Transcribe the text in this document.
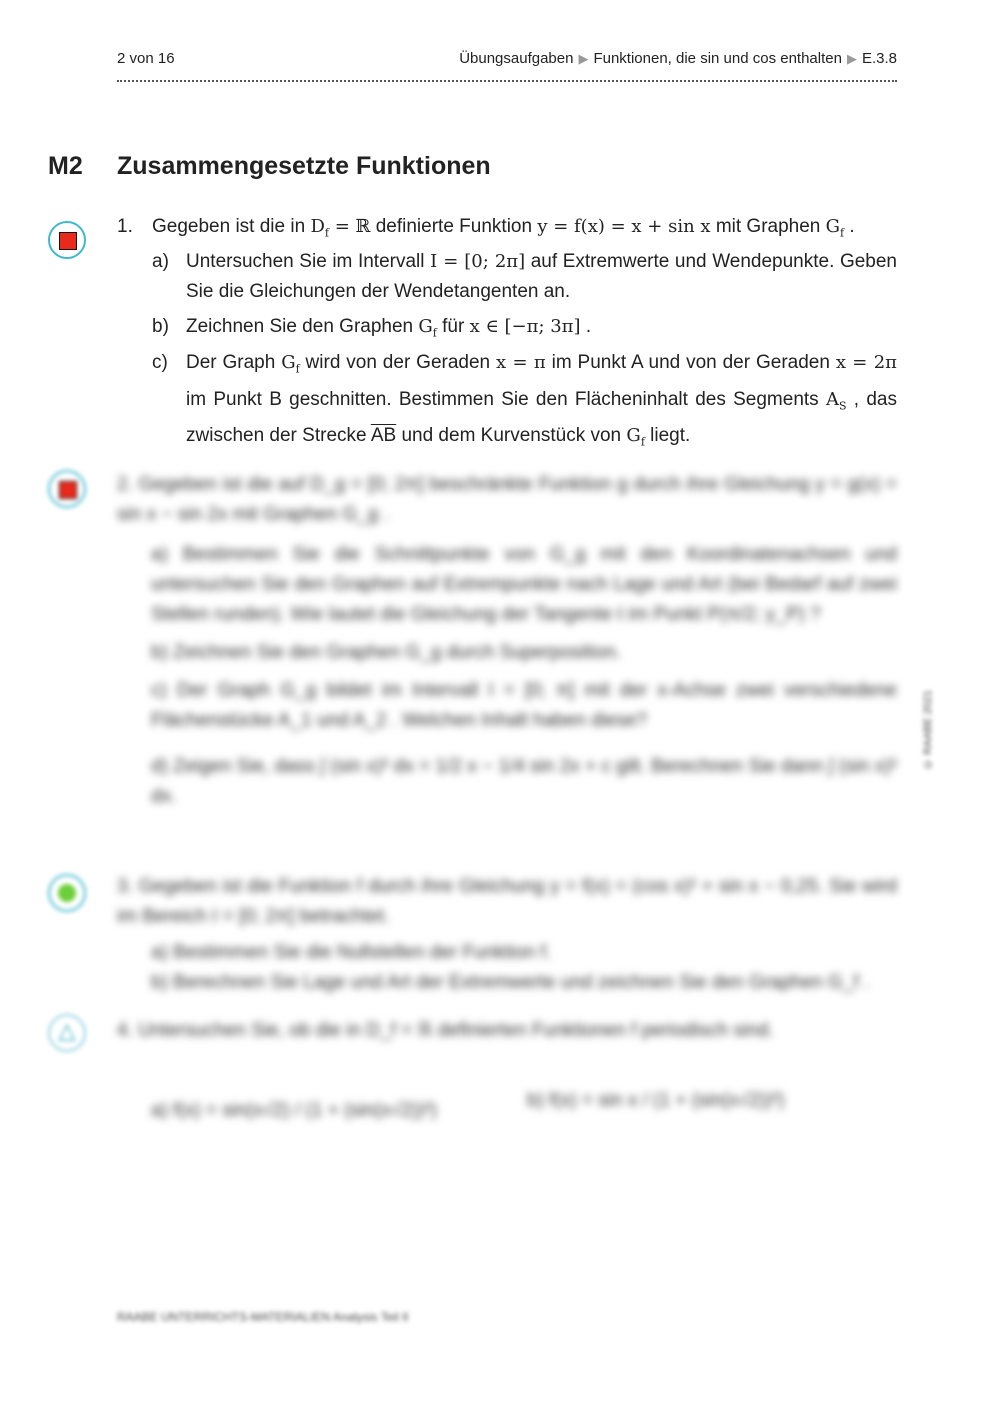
2 von 16	Übungsaufgaben ▶ Funktionen, die sin und cos enthalten ▶ E.3.8
M2 Zusammengesetzte Funktionen
1. Gegeben ist die in $D_f$ = ℝ definierte Funktion y = f(x) = x + sin x mit Graphen $G_f$ .
a) Untersuchen Sie im Intervall I = [0; 2π] auf Extremwerte und Wendepunkte. Geben Sie die Gleichungen der Wendetangenten an.
b) Zeichnen Sie den Graphen $G_f$ für x ∈ [−π; 3π] .
c) Der Graph $G_f$ wird von der Geraden x = π im Punkt A und von der Geraden x = 2π im Punkt B geschnitten. Bestimmen Sie den Flächeninhalt des Segments $A_S$ , das zwischen der Strecke $\overline{AB}$ und dem Kurvenstück von $G_f$ liegt.
2. Gegeben ist die auf D_g = [0; 2π] beschränkte Funktion g durch ihre Gleichung y = g(x) = sin x − sin 2x mit Graphen G_g .
a) Bestimmen Sie die Schnittpunkte von G_g mit den Koordinatenachsen und untersuchen Sie den Graphen auf Extrempunkte nach Lage und Art (bei Bedarf auf zwei Stellen runden). Wie lautet die Gleichung der Tangente t im Punkt P(π/2; y_P) ?
b) Zeichnen Sie den Graphen G_g durch Superposition.
c) Der Graph G_g bildet im Intervall I = [0; π] mit der x-Achse zwei verschiedene Flächenstücke A_1 und A_2 . Welchen Inhalt haben diese?
d) Zeigen Sie, dass ∫ (sin x)² dx = 1/2 x − 1/4 sin 2x + c gilt. Berechnen Sie dann ∫ (sin x)² dx.
3. Gegeben ist die Funktion f durch ihre Gleichung y = f(x) = (cos x)² + sin x − 0,25. Sie wird im Bereich I = [0; 2π] betrachtet.
a) Bestimmen Sie die Nullstellen der Funktion f.
b) Berechnen Sie Lage und Art der Extremwerte und zeichnen Sie den Graphen G_f .
△
4. Untersuchen Sie, ob die in D_f = ℝ definierten Funktionen f periodisch sind.
a) f(x) = sin(x√2) / (1 + (sin(x√2))²)	b) f(x) = sin x / (1 + (sin(x√2))²)
RAABE UNTERRICHTS-MATERIALIEN Analysis Teil II
© RAABE 2021
